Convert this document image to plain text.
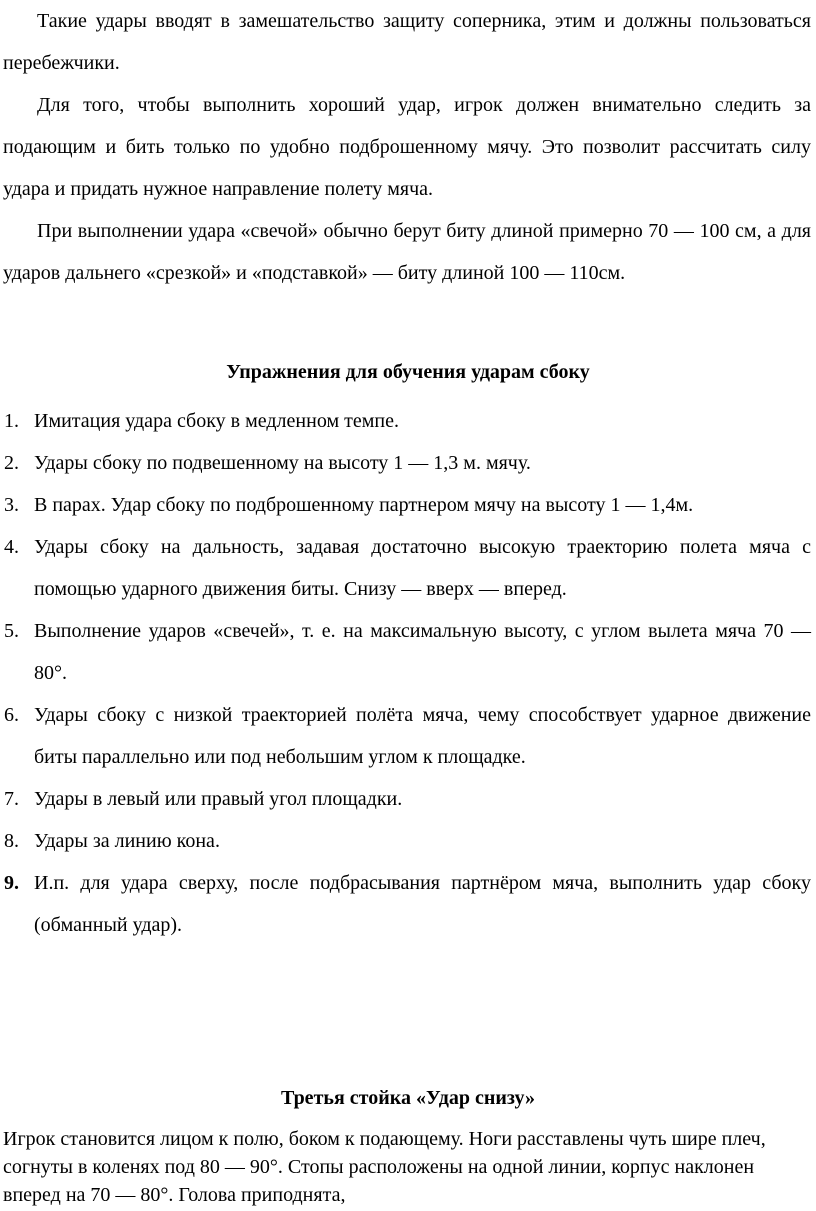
Такие удары вводят в замешательство защиту соперника, этим и должны пользоваться перебежчики.

Для того, чтобы выполнить хороший удар, игрок должен внимательно следить за подающим и бить только по удобно подброшенному мячу. Это позволит рассчитать силу удара и придать нужное направление полету мяча.

При выполнении удара «свечой» обычно берут биту длиной примерно 70 — 100 см, а для ударов дальнего «срезкой» и «подставкой» — биту длиной 100 — 110см.

Упражнения для обучения ударам сбоку
1. Имитация удара сбоку в медленном темпе.
2. Удары сбоку по подвешенному на высоту 1 — 1,3 м. мячу.
3. В парах. Удар сбоку по подброшенному партнером мячу на высоту 1 — 1,4м.
4. Удары сбоку на дальность, задавая достаточно высокую траекторию полета мяча с помощью ударного движения биты. Снизу — вверх — вперед.
5. Выполнение ударов «свечей», т. е. на максимальную высоту, с углом вылета мяча 70 — 80°.
6. Удары сбоку с низкой траекторией полёта мяча, чему способствует ударное движение биты параллельно или под небольшим углом к площадке.
7. Удары в левый или правый угол площадки.
8. Удары за линию кона.
9. И.п. для удара сверху, после подбрасывания партнёром мяча, выполнить удар сбоку (обманный удар).
Третья стойка «Удар снизу»

Игрок становится лицом к полю, боком к подающему. Ноги расставлены чуть шире плеч, согнуты в коленях под 80 — 90°. Стопы расположены на одной линии, корпус наклонен вперед на 70 — 80°. Голова приподнята,
